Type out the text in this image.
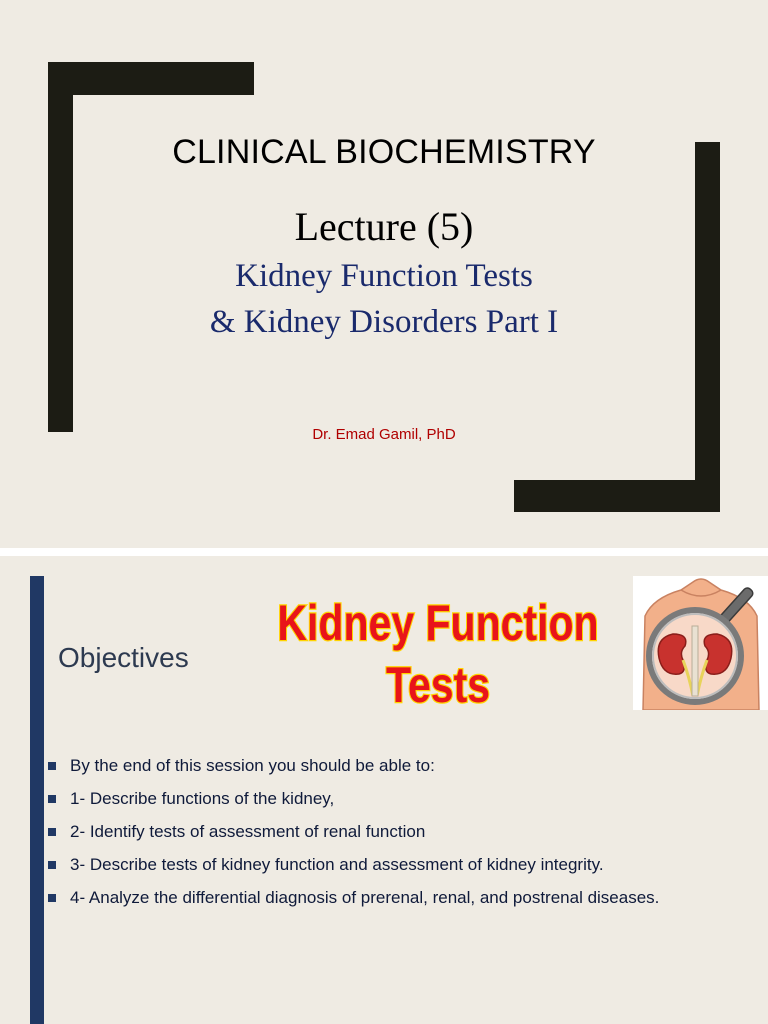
CLINICAL BIOCHEMISTRY
Lecture (5)
Kidney Function Tests
& Kidney Disorders Part I
Dr. Emad Gamil, PhD
Objectives
Kidney Function
Tests
By the end of this session you should be able to:
1- Describe functions of the kidney,
2- Identify tests of assessment of renal function
3- Describe tests of kidney function and assessment of kidney integrity.
4- Analyze the differential diagnosis of prerenal, renal, and postrenal diseases.
